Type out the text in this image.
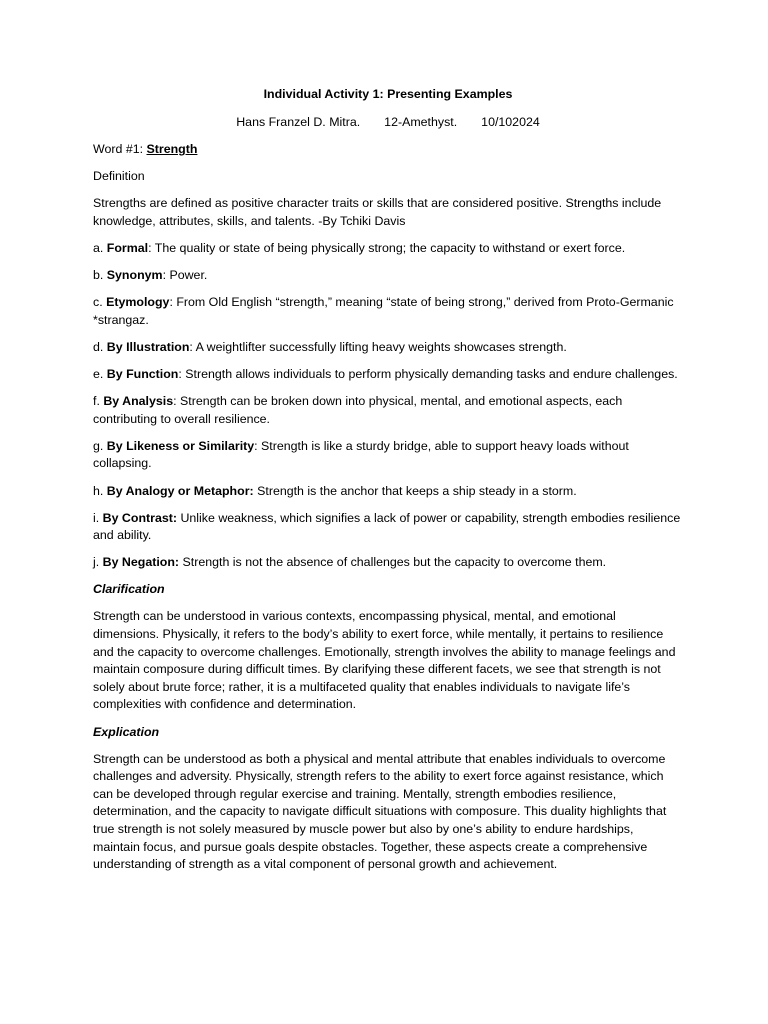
Individual Activity 1: Presenting Examples

Hans Franzel D. Mitra. 12-Amethyst. 10/102024

Word #1: Strength

Definition

Strengths are defined as positive character traits or skills that are considered positive. Strengths include knowledge, attributes, skills, and talents. -By Tchiki Davis

a. Formal: The quality or state of being physically strong; the capacity to withstand or exert force.

b. Synonym: Power.

c. Etymology: From Old English “strength,” meaning “state of being strong,” derived from Proto-Germanic *strangaz.

d. By Illustration: A weightlifter successfully lifting heavy weights showcases strength.

e. By Function: Strength allows individuals to perform physically demanding tasks and endure challenges.

f. By Analysis: Strength can be broken down into physical, mental, and emotional aspects, each contributing to overall resilience.

g. By Likeness or Similarity: Strength is like a sturdy bridge, able to support heavy loads without collapsing.

h. By Analogy or Metaphor: Strength is the anchor that keeps a ship steady in a storm.

i. By Contrast: Unlike weakness, which signifies a lack of power or capability, strength embodies resilience and ability.

j. By Negation: Strength is not the absence of challenges but the capacity to overcome them.

Clarification

Strength can be understood in various contexts, encompassing physical, mental, and emotional dimensions. Physically, it refers to the body’s ability to exert force, while mentally, it pertains to resilience and the capacity to overcome challenges. Emotionally, strength involves the ability to manage feelings and maintain composure during difficult times. By clarifying these different facets, we see that strength is not solely about brute force; rather, it is a multifaceted quality that enables individuals to navigate life’s complexities with confidence and determination.

Explication

Strength can be understood as both a physical and mental attribute that enables individuals to overcome challenges and adversity. Physically, strength refers to the ability to exert force against resistance, which can be developed through regular exercise and training. Mentally, strength embodies resilience, determination, and the capacity to navigate difficult situations with composure. This duality highlights that true strength is not solely measured by muscle power but also by one’s ability to endure hardships, maintain focus, and pursue goals despite obstacles. Together, these aspects create a comprehensive understanding of strength as a vital component of personal growth and achievement.
